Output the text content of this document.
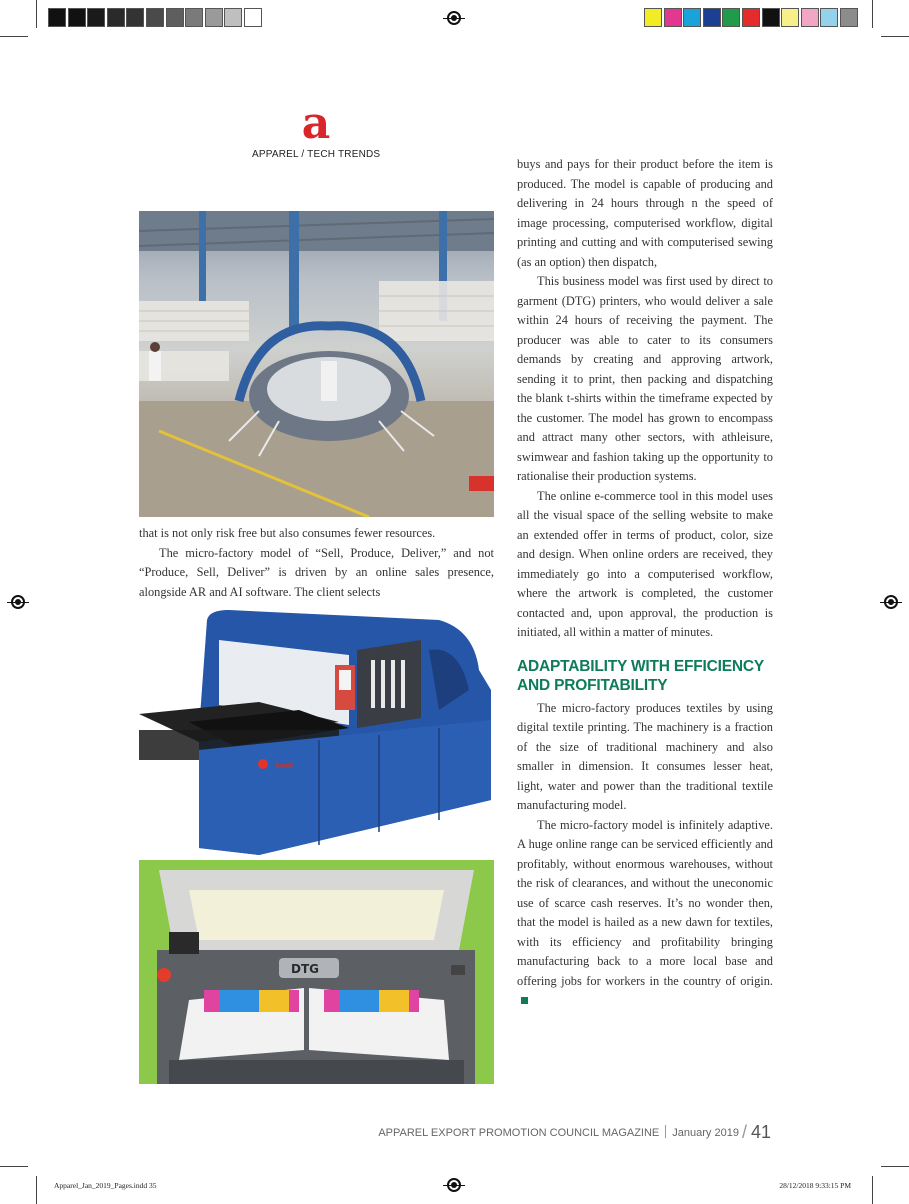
a
APPAREL / TECH TRENDS

that is not only risk free but also consumes fewer resources.

The micro-factory model of “Sell, Produce, Deliver,” and not “Produce, Sell, Deliver” is driven by an online sales presence, alongside AR and AI software. The client selects

kornit
DTG

buys and pays for their product before the item is produced. The model is capable of producing and delivering in 24 hours through n the speed of image processing, computerised workflow, digital printing and cutting and with computerised sewing (as an option) then dispatch,

This business model was first used by direct to garment (DTG) printers, who would deliver a sale within 24 hours of receiving the payment. The producer was able to cater to its consumers demands by creating and approving artwork, sending it to print, then packing and dispatching the blank t-shirts within the timeframe expected by the customer. The model has grown to encompass and attract many other sectors, with athleisure, swimwear and fashion taking up the opportunity to rationalise their production systems.

The online e-commerce tool in this model uses all the visual space of the selling website to make an extended offer in terms of product, color, size and design. When online orders are received, they immediately go into a computerised workflow, where the artwork is completed, the customer contacted and, upon approval, the production is initiated, all within a matter of minutes.

ADAPTABILITY WITH EFFICIENCY AND PROFITABILITY

The micro-factory produces textiles by using digital textile printing. The machinery is a fraction of the size of traditional machinery and also smaller in dimension. It consumes lesser heat, light, water and power than the traditional textile manufacturing model.

The micro-factory model is infinitely adaptive. A huge online range can be serviced efficiently and profitably, without enormous warehouses, without the risk of clearances, and without the uneconomic use of scarce cash reserves. It’s no wonder then, that the model is hailed as a new dawn for textiles, with its efficiency and profitability bringing manufacturing back to a more local base and offering jobs for workers in the country of origin.

APPAREL EXPORT PROMOTION COUNCIL MAGAZINE January 2019 / 41
Apparel_Jan_2019_Pages.indd 35	28/12/2018 9:33:15 PM
